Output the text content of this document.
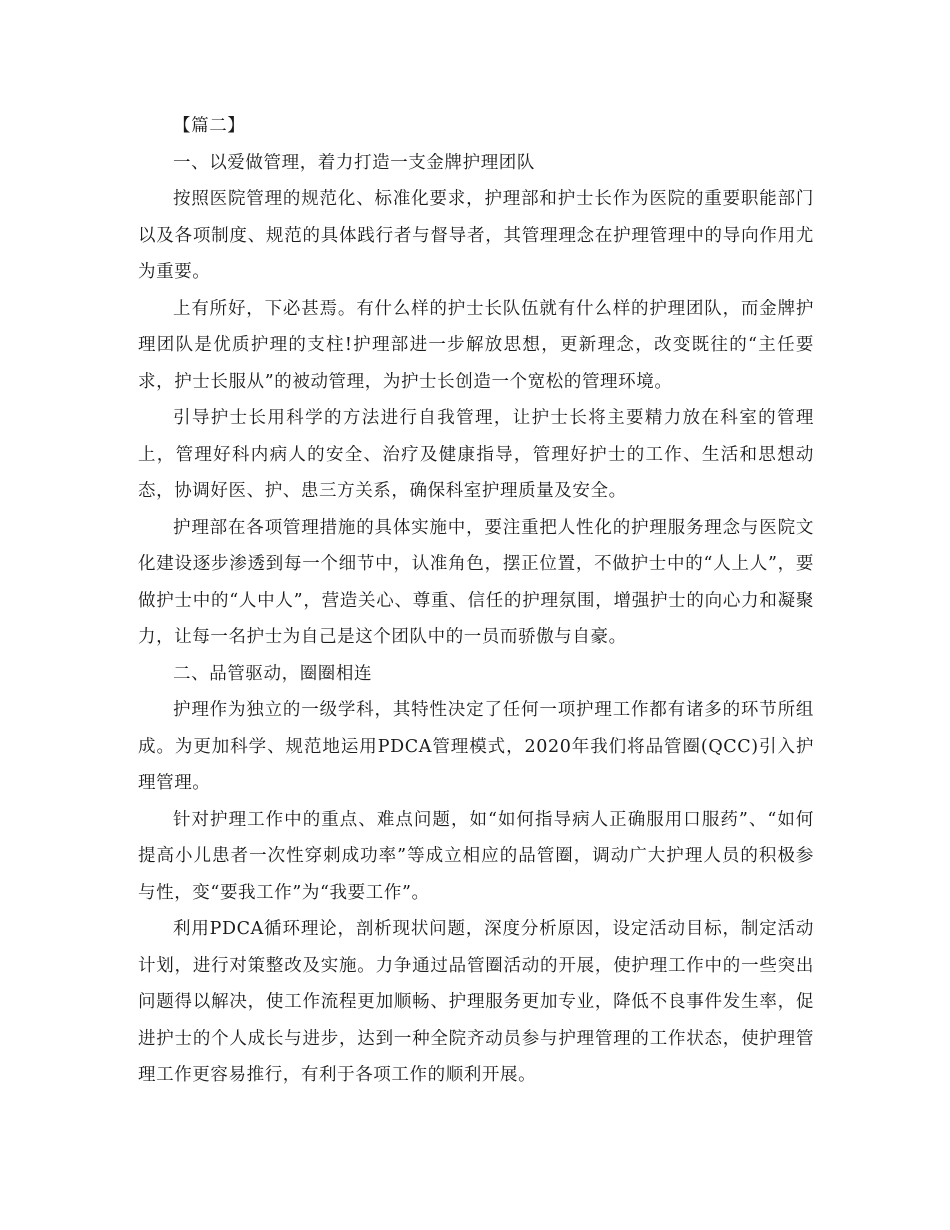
【篇二】

一、以爱做管理，着力打造一支金牌护理团队

按照医院管理的规范化、标准化要求，护理部和护士长作为医院的重要职能部门以及各项制度、规范的具体践行者与督导者，其管理理念在护理管理中的导向作用尤为重要。

上有所好，下必甚焉。有什么样的护士长队伍就有什么样的护理团队，而金牌护理团队是优质护理的支柱!护理部进一步解放思想，更新理念，改变既往的“主任要求，护士长服从”的被动管理，为护士长创造一个宽松的管理环境。

引导护士长用科学的方法进行自我管理，让护士长将主要精力放在科室的管理上，管理好科内病人的安全、治疗及健康指导，管理好护士的工作、生活和思想动态，协调好医、护、患三方关系，确保科室护理质量及安全。

护理部在各项管理措施的具体实施中，要注重把人性化的护理服务理念与医院文化建设逐步渗透到每一个细节中，认准角色，摆正位置，不做护士中的“人上人”，要做护士中的“人中人”，营造关心、尊重、信任的护理氛围，增强护士的向心力和凝聚力，让每一名护士为自己是这个团队中的一员而骄傲与自豪。

二、品管驱动，圈圈相连

护理作为独立的一级学科，其特性决定了任何一项护理工作都有诸多的环节所组成。为更加科学、规范地运用PDCA管理模式，2020年我们将品管圈(QCC)引入护理管理。

针对护理工作中的重点、难点问题，如“如何指导病人正确服用口服药”、“如何提高小儿患者一次性穿刺成功率”等成立相应的品管圈，调动广大护理人员的积极参与性，变“要我工作”为“我要工作”。

利用PDCA循环理论，剖析现状问题，深度分析原因，设定活动目标，制定活动计划，进行对策整改及实施。力争通过品管圈活动的开展，使护理工作中的一些突出问题得以解决，使工作流程更加顺畅、护理服务更加专业，降低不良事件发生率，促进护士的个人成长与进步，达到一种全院齐动员参与护理管理的工作状态，使护理管理工作更容易推行，有利于各项工作的顺利开展。
